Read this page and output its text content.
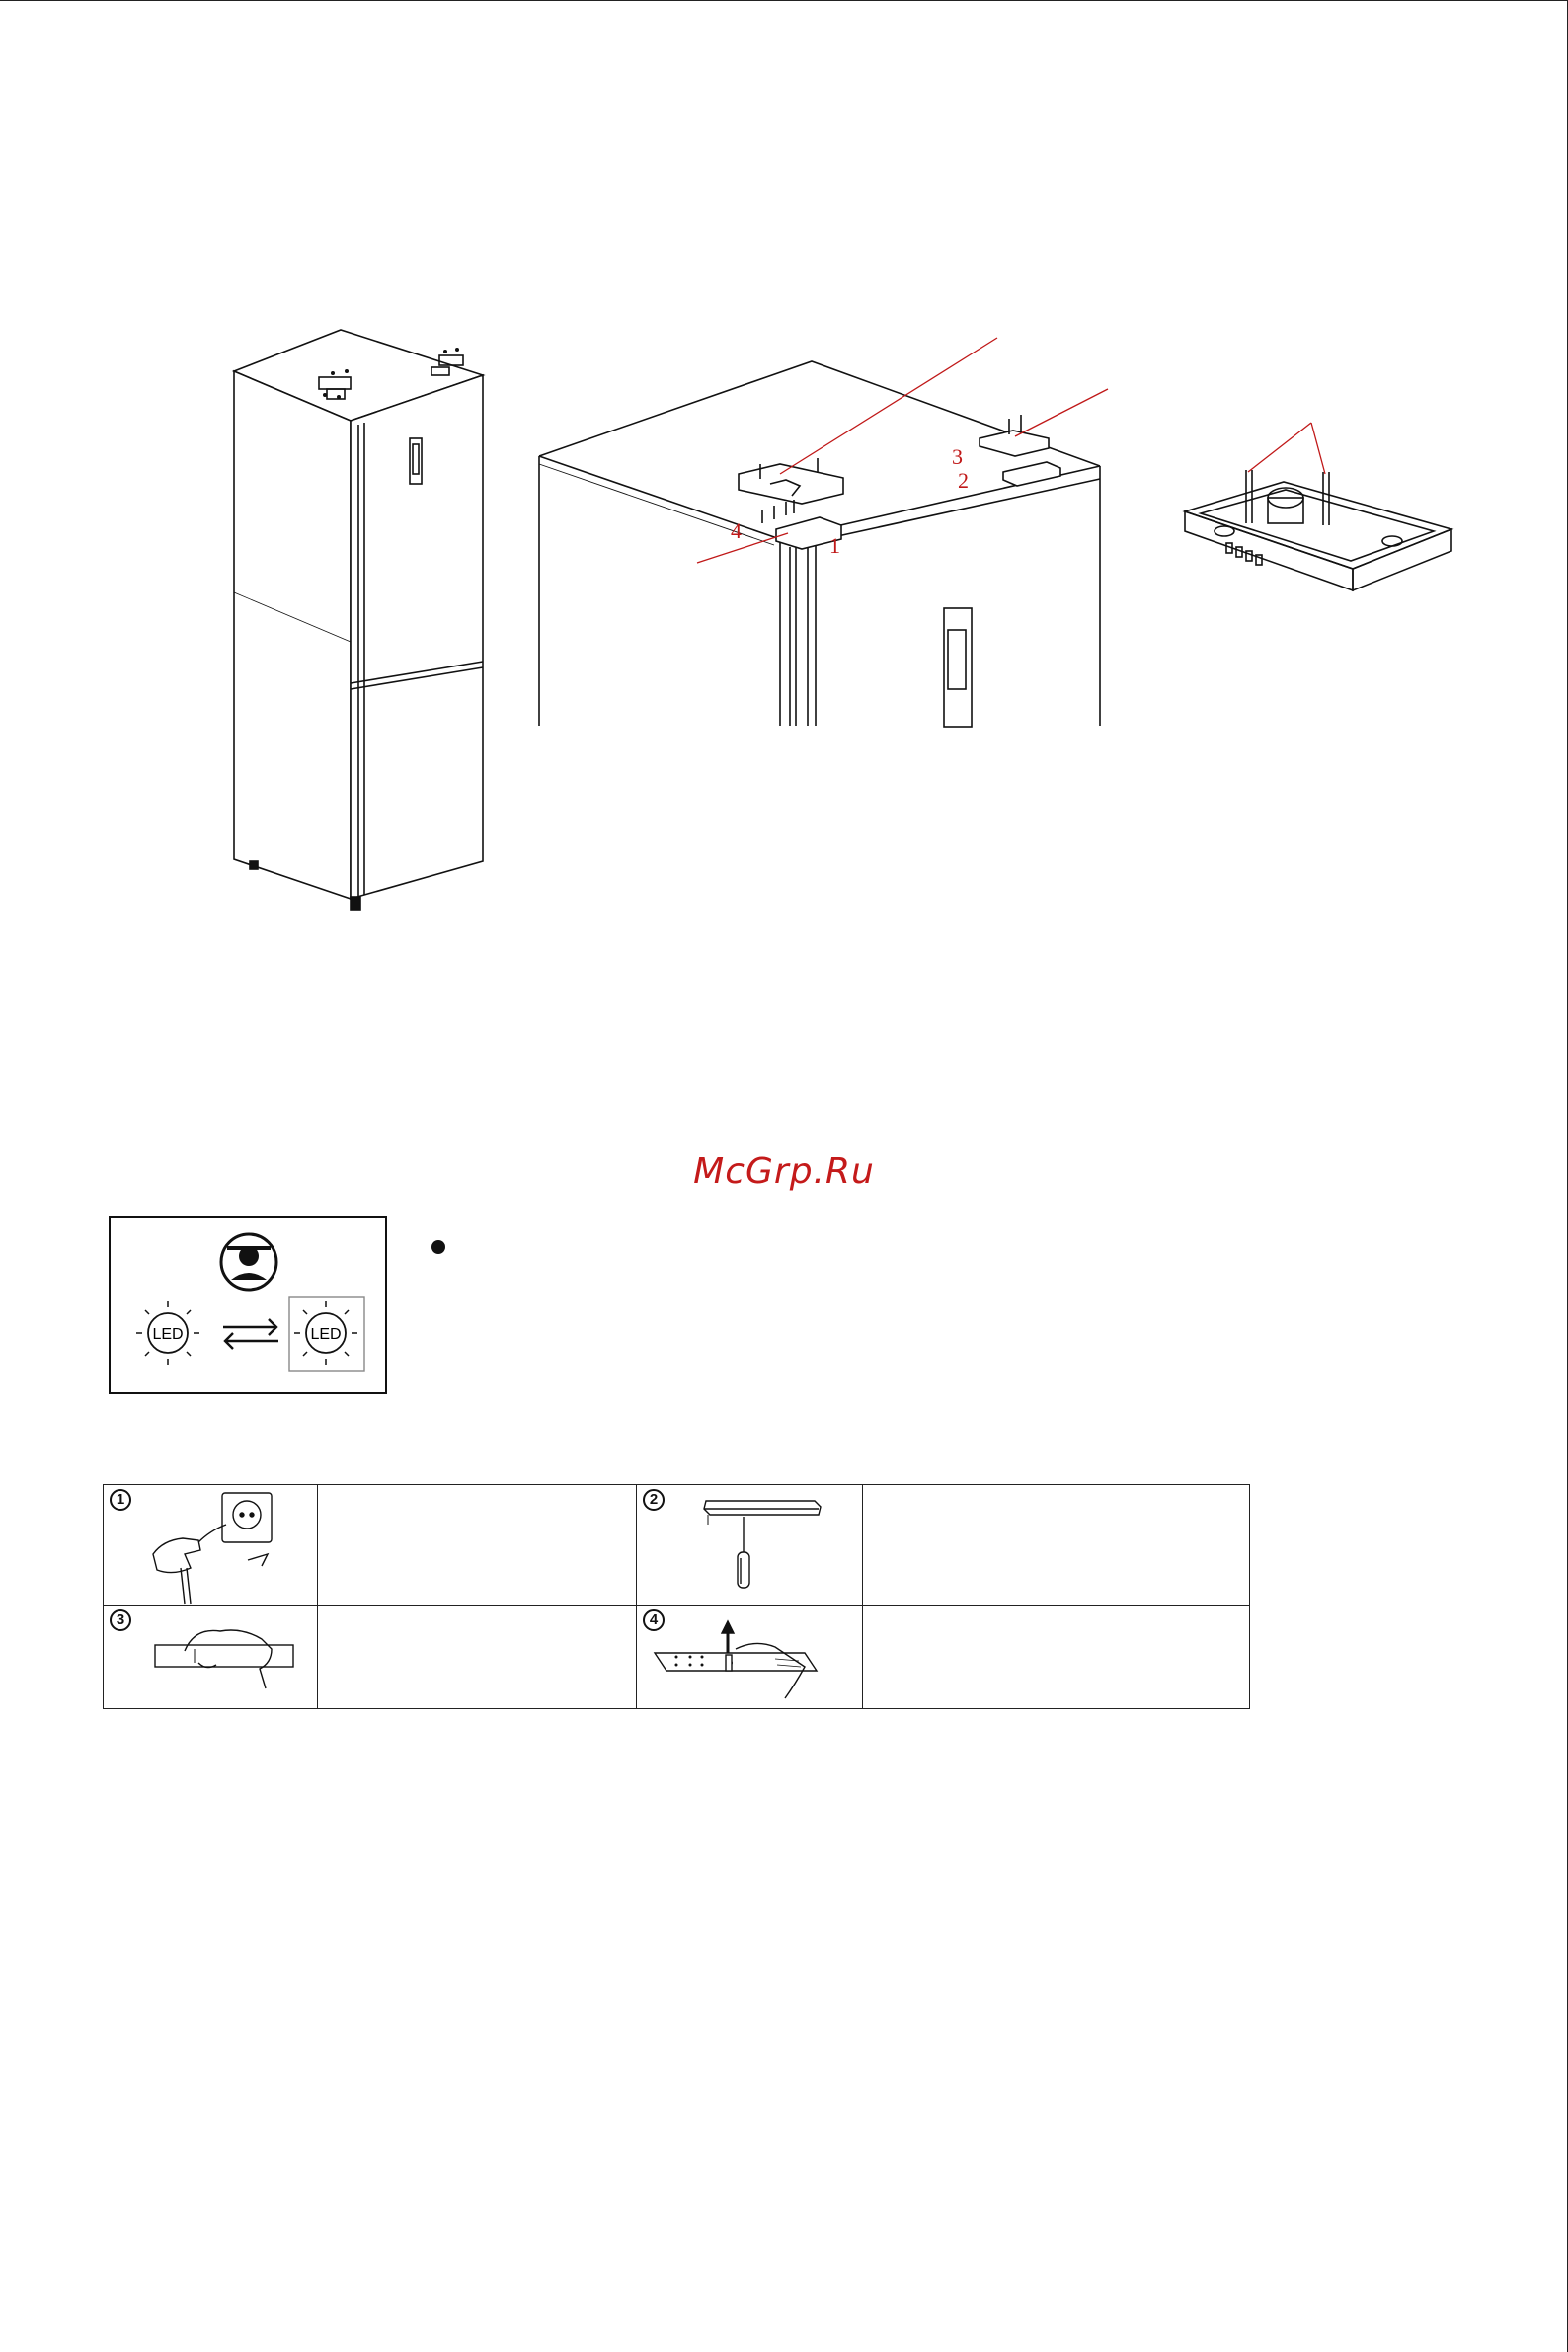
3
2
4
1
McGrp.Ru
LED	LED
1		2	

3		4	
